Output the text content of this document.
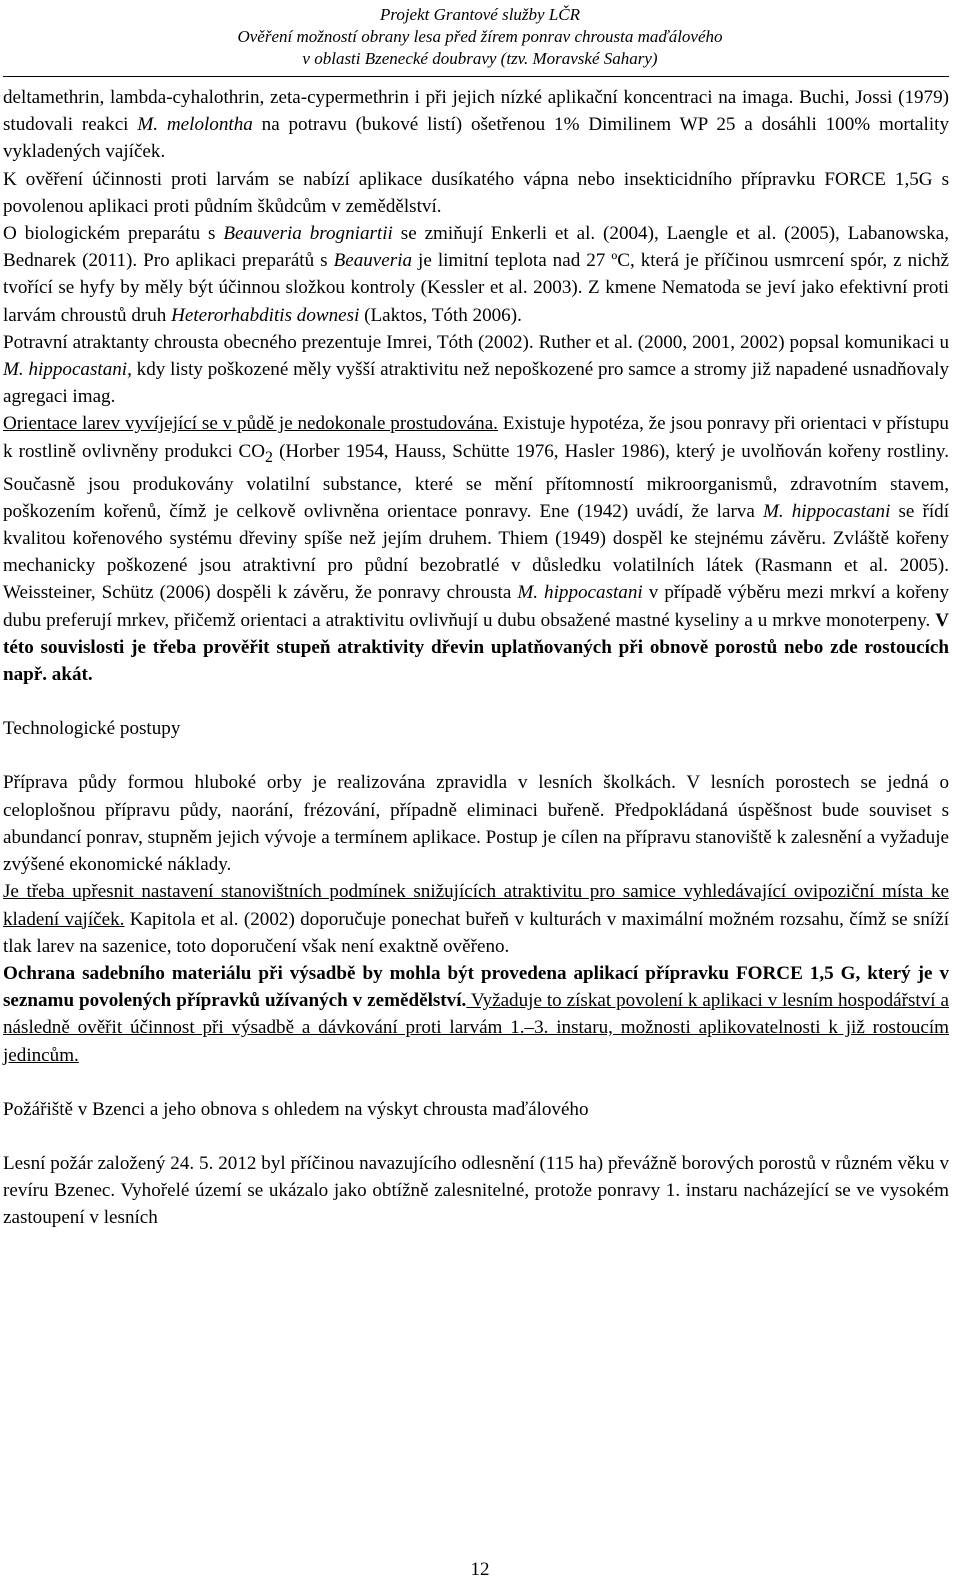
Projekt Grantové služby LČR
Ověření možností obrany lesa před žírem ponrav chrousta maďálového
v oblasti Bzenecké doubravy (tzv. Moravské Sahary)

deltamethrin, lambda-cyhalothrin, zeta-cypermethrin i při jejich nízké aplikační koncentraci na imaga. Buchi, Jossi (1979) studovali reakci M. melolontha na potravu (bukové listí) ošetřenou 1% Dimilinem WP 25 a dosáhli 100% mortality vykladených vajíček.

K ověření účinnosti proti larvám se nabízí aplikace dusíkatého vápna nebo insekticidního přípravku FORCE 1,5G s povolenou aplikaci proti půdním škůdcům v zemědělství.

O biologickém preparátu s Beauveria brogniartii se zmiňují Enkerli et al. (2004), Laengle et al. (2005), Labanowska, Bednarek (2011). Pro aplikaci preparátů s Beauveria je limitní teplota nad 27 ºC, která je příčinou usmrcení spór, z nichž tvořící se hyfy by měly být účinnou složkou kontroly (Kessler et al. 2003). Z kmene Nematoda se jeví jako efektivní proti larvám chroustů druh Heterorhabditis downesi (Laktos, Tóth 2006).

Potravní atraktanty chrousta obecného prezentuje Imrei, Tóth (2002). Ruther et al. (2000, 2001, 2002) popsal komunikaci u M. hippocastani, kdy listy poškozené měly vyšší atraktivitu než nepoškozené pro samce a stromy již napadené usnadňovaly agregaci imag.

Orientace larev vyvíjející se v půdě je nedokonale prostudována. Existuje hypotéza, že jsou ponravy při orientaci v přístupu k rostlině ovlivněny produkci $CO_2$ (Horber 1954, Hauss, Schütte 1976, Hasler 1986), který je uvolňován kořeny rostliny. Současně jsou produkovány volatilní substance, které se mění přítomností mikroorganismů, zdravotním stavem, poškozením kořenů, čímž je celkově ovlivněna orientace ponravy. Ene (1942) uvádí, že larva M. hippocastani se řídí kvalitou kořenového systému dřeviny spíše než jejím druhem. Thiem (1949) dospěl ke stejnému závěru. Zvláště kořeny mechanicky poškozené jsou atraktivní pro půdní bezobratlé v důsledku volatilních látek (Rasmann et al. 2005). Weissteiner, Schütz (2006) dospěli k závěru, že ponravy chrousta M. hippocastani v případě výběru mezi mrkví a kořeny dubu preferují mrkev, přičemž orientaci a atraktivitu ovlivňují u dubu obsažené mastné kyseliny a u mrkve monoterpeny. V této souvislosti je třeba prověřit stupeň atraktivity dřevin uplatňovaných při obnově porostů nebo zde rostoucích např. akát.

Technologické postupy

Příprava půdy formou hluboké orby je realizována zpravidla v lesních školkách. V lesních porostech se jedná o celoplošnou přípravu půdy, naorání, frézování, případně eliminaci buřeně. Předpokládaná úspěšnost bude souviset s abundancí ponrav, stupněm jejich vývoje a termínem aplikace. Postup je cílen na přípravu stanoviště k zalesnění a vyžaduje zvýšené ekonomické náklady.

Je třeba upřesnit nastavení stanovištních podmínek snižujících atraktivitu pro samice vyhledávající ovipoziční místa ke kladení vajíček. Kapitola et al. (2002) doporučuje ponechat buřeň v kulturách v maximální možném rozsahu, čímž se sníží tlak larev na sazenice, toto doporučení však není exaktně ověřeno.

Ochrana sadebního materiálu při výsadbě by mohla být provedena aplikací přípravku FORCE 1,5 G, který je v seznamu povolených přípravků užívaných v zemědělství. Vyžaduje to získat povolení k aplikaci v lesním hospodářství a následně ověřit účinnost při výsadbě a dávkování proti larvám 1.–3. instaru, možnosti aplikovatelnosti k již rostoucím jedincům.

Požářiště v Bzenci a jeho obnova s ohledem na výskyt chrousta maďálového

Lesní požár založený 24. 5. 2012 byl příčinou navazujícího odlesnění (115 ha) převážně borových porostů v různém věku v revíru Bzenec. Vyhořelé území se ukázalo jako obtížně zalesnitelné, protože ponravy 1. instaru nacházející se ve vysokém zastoupení v lesních

12
